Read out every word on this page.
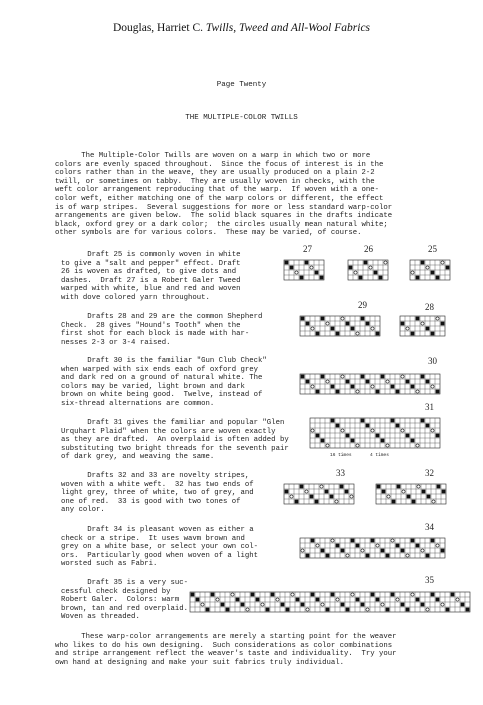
Douglas, Harriet C. Twills, Tweed and All-Wool Fabrics
Page Twenty
THE MULTIPLE-COLOR TWILLS
The Multiple-Color Twills are woven on a warp in which two or more
colors are evenly spaced throughout.  Since the focus of interest is in the
colors rather than in the weave, they are usually produced on a plain 2-2
twill, or sometimes on tabby.  They are usually woven in checks, with the
weft color arrangement reproducing that of the warp.  If woven with a one-
color weft, either matching one of the warp colors or different, the effect
is of warp stripes.  Several suggestions for more or less standard warp-color
arrangements are given below.  The solid black squares in the drafts indicate
black, oxford grey or a dark color;  the circles usually mean natural white;
other symbols are for various colors.  These may be varied, of course.
Draft 25 is commonly woven in white
to give a "salt and pepper" effect. Draft
26 is woven as drafted, to give dots and
dashes.  Draft 27 is a Robert Galer Tweed
warped with white, blue and red and woven
with dove colored yarn throughout.
Drafts 28 and 29 are the common Shepherd
Check.  28 gives "Hound's Tooth" when the
first shot for each block is made with har-
nesses 2-3 or 3-4 raised.
Draft 30 is the familiar "Gun Club Check"
when warped with six ends each of oxford grey
and dark red on a ground of natural white. The
colors may be varied, light brown and dark
brown on white being good.  Twelve, instead of
six-thread alternations are common.
Draft 31 gives the familiar and popular "Glen
Urquhart Plaid" when the colors are woven exactly
as they are drafted.  An overplaid is often added by
substituting two bright threads for the seventh pair
of dark grey, and weaving the same.
Drafts 32 and 33 are novelty stripes,
woven with a white weft.  32 has two ends of
light grey, three of white, two of grey, and
one of red.  33 is good with two tones of
any color.
Draft 34 is pleasant woven as either a
check or a stripe.  It uses wavm brown and
grey on a white base, or select your own col-
ors.  Particularly good when woven of a light
worsted such as Fabri.
Draft 35 is a very suc-
cessful check designed by
Robert Galer.  Colors: warm
brown, tan and red overplaid.
Woven as threaded.
These warp-color arrangements are merely a starting point for the weaver
who likes to do his own designing.  Such considerations as color combinations
and stripe arrangement reflect the weaver's taste and individuality.  Try your
own hand at designing and make your suit fabrics truly individual.
27	26	25
29	28
30
31
33	32
34
35
16 times	4 times
